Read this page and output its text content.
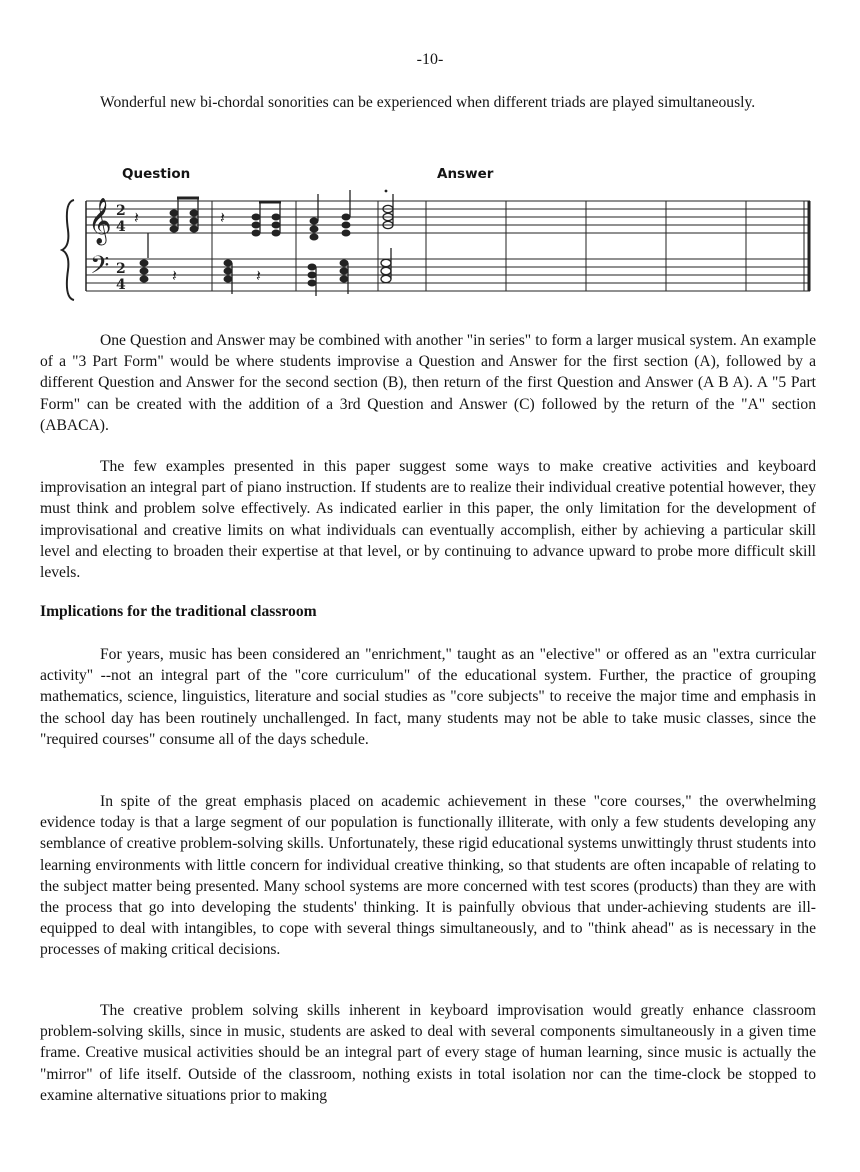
-10-

Wonderful new bi-chordal sonorities can be experienced when different triads are played simultaneously.

Question	Answer
𝄞
𝄢
2
4
2
4
𝄽	𝄽
𝄽	𝄽

One Question and Answer may be combined with another "in series" to form a larger musical system. An example of a "3 Part Form" would be where students improvise a Question and Answer for the first section (A), followed by a different Question and Answer for the second section (B), then return of the first Question and Answer (A B A). A "5 Part Form" can be created with the addition of a 3rd Question and Answer (C) followed by the return of the "A" section (ABACA).

The few examples presented in this paper suggest some ways to make creative activities and keyboard improvisation an integral part of piano instruction. If students are to realize their individual creative potential however, they must think and problem solve effectively. As indicated earlier in this paper, the only limitation for the development of improvisational and creative limits on what individuals can eventually accomplish, either by achieving a particular skill level and electing to broaden their expertise at that level, or by continuing to advance upward to probe more difficult skill levels.

Implications for the traditional classroom

For years, music has been considered an "enrichment," taught as an "elective" or offered as an "extra curricular activity" --not an integral part of the "core curriculum" of the educational system. Further, the practice of grouping mathematics, science, linguistics, literature and social studies as "core subjects" to receive the major time and emphasis in the school day has been routinely unchallenged. In fact, many students may not be able to take music classes, since the "required courses" consume all of the days schedule.

In spite of the great emphasis placed on academic achievement in these "core courses," the overwhelming evidence today is that a large segment of our population is functionally illiterate, with only a few students developing any semblance of creative problem-solving skills. Unfortunately, these rigid educational systems unwittingly thrust students into learning environments with little concern for individual creative thinking, so that students are often incapable of relating to the subject matter being presented. Many school systems are more concerned with test scores (products) than they are with the process that go into developing the students' thinking. It is painfully obvious that under-achieving students are ill-equipped to deal with intangibles, to cope with several things simultaneously, and to "think ahead" as is necessary in the processes of making critical decisions.

The creative problem solving skills inherent in keyboard improvisation would greatly enhance classroom problem-solving skills, since in music, students are asked to deal with several components simultaneously in a given time frame. Creative musical activities should be an integral part of every stage of human learning, since music is actually the "mirror" of life itself. Outside of the classroom, nothing exists in total isolation nor can the time-clock be stopped to examine alternative situations prior to making
